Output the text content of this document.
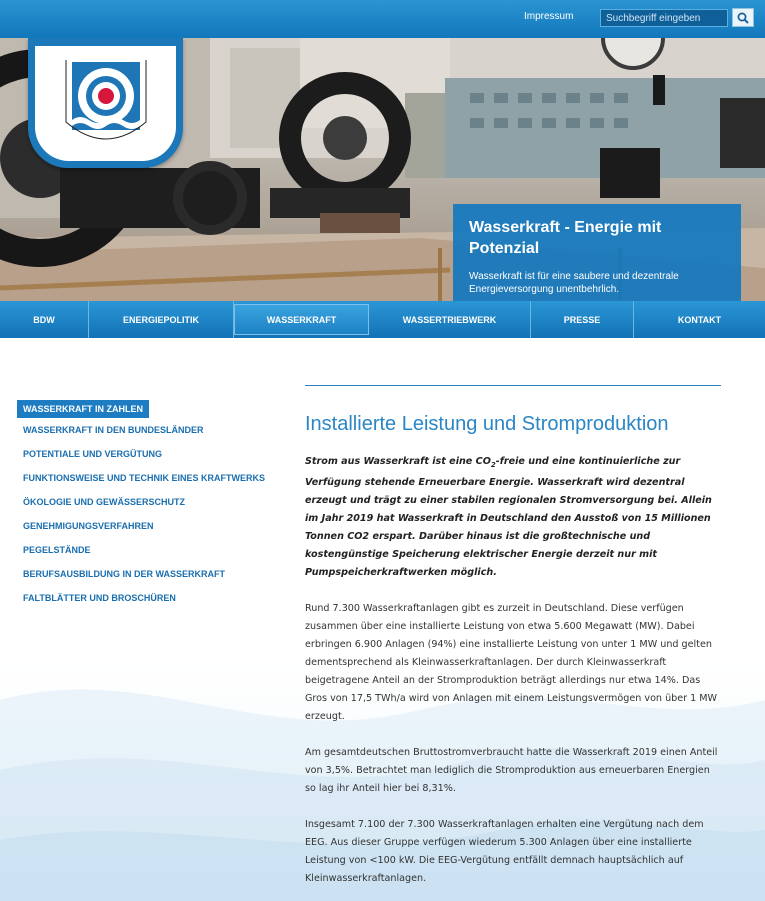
Impressum
Suchbegriff eingeben
Wasserkraft - Energie mit Potenzial
Wasserkraft ist für eine saubere und dezentrale Energieversorgung unentbehrlich.
BDW	ENERGIEPOLITIK	WASSERKRAFT	WASSERTRIEBWERK	PRESSE	KONTAKT
WASSERKRAFT IN ZAHLEN
WASSERKRAFT IN DEN BUNDESLÄNDER
POTENTIALE UND VERGÜTUNG
FUNKTIONSWEISE UND TECHNIK EINES KRAFTWERKS
ÖKOLOGIE UND GEWÄSSERSCHUTZ
GENEHMIGUNGSVERFAHREN
PEGELSTÄNDE
BERUFSAUSBILDUNG IN DER WASSERKRAFT
FALTBLÄTTER UND BROSCHÜREN
Installierte Leistung und Stromproduktion

Strom aus Wasserkraft ist eine $CO_2$-freie und eine kontinuierliche zur Verfügung stehende Erneuerbare Energie. Wasserkraft wird dezentral erzeugt und trägt zu einer stabilen regionalen Stromversorgung bei. Allein im Jahr 2019 hat Wasserkraft in Deutschland den Ausstoß von 15 Millionen Tonnen CO2 erspart. Darüber hinaus ist die großtechnische und kostengünstige Speicherung elektrischer Energie derzeit nur mit Pumpspeicherkraftwerken möglich.

Rund 7.300 Wasserkraftanlagen gibt es zurzeit in Deutschland. Diese verfügen zusammen über eine installierte Leistung von etwa 5.600 Megawatt (MW). Dabei erbringen 6.900 Anlagen (94%) eine installierte Leistung von unter 1 MW und gelten dementsprechend als Kleinwasserkraftanlagen. Der durch Kleinwasserkraft beigetragene Anteil an der Stromproduktion beträgt allerdings nur etwa 14%. Das Gros von 17,5 TWh/a wird von Anlagen mit einem Leistungsvermögen von über 1 MW erzeugt.

Am gesamtdeutschen Bruttostromverbraucht hatte die Wasserkraft 2019 einen Anteil von 3,5%. Betrachtet man lediglich die Stromproduktion aus erneuerbaren Energien so lag ihr Anteil hier bei 8,31%.

Insgesamt 7.100 der 7.300 Wasserkraftanlagen erhalten eine Vergütung nach dem EEG. Aus dieser Gruppe verfügen wiederum 5.300 Anlagen über eine installierte Leistung von <100 kW. Die EEG-Vergütung entfällt demnach hauptsächlich auf Kleinwasserkraftanlagen.
